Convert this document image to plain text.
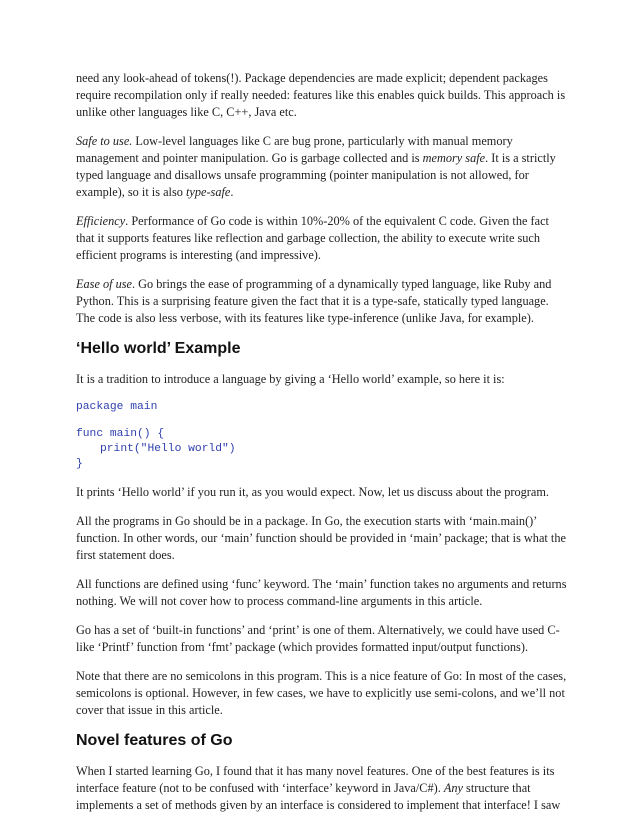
need any look-ahead of tokens(!). Package dependencies are made explicit; dependent packages require recompilation only if really needed: features like this enables quick builds. This approach is unlike other languages like C, C++, Java etc.

Safe to use. Low-level languages like C are bug prone, particularly with manual memory management and pointer manipulation. Go is garbage collected and is memory safe. It is a strictly typed language and disallows unsafe programming (pointer manipulation is not allowed, for example), so it is also type-safe.

Efficiency. Performance of Go code is within 10%-20% of the equivalent C code. Given the fact that it supports features like reflection and garbage collection, the ability to execute write such efficient programs is interesting (and impressive).

Ease of use. Go brings the ease of programming of a dynamically typed language, like Ruby and Python. This is a surprising feature given the fact that it is a type-safe, statically typed language. The code is also less verbose, with its features like type-inference (unlike Java, for example).

‘Hello world’ Example

It is a tradition to introduce a language by giving a ‘Hello world’ example, so here it is:

package main
func main() {
print("Hello world")
}

It prints ‘Hello world’ if you run it, as you would expect. Now, let us discuss about the program.

All the programs in Go should be in a package. In Go, the execution starts with ‘main.main()’ function. In other words, our ‘main’ function should be provided in ‘main’ package; that is what the first statement does.

All functions are defined using ‘func’ keyword. The ‘main’ function takes no arguments and returns nothing. We will not cover how to process command-line arguments in this article.

Go has a set of ‘built-in functions’ and ‘print’ is one of them. Alternatively, we could have used C-like ‘Printf’ function from ‘fmt’ package (which provides formatted input/output functions).

Note that there are no semicolons in this program. This is a nice feature of Go: In most of the cases, semicolons is optional. However, in few cases, we have to explicitly use semi-colons, and we’ll not cover that issue in this article.

Novel features of Go

When I started learning Go, I found that it has many novel features. One of the best features is its interface feature (not to be confused with ‘interface’ keyword in Java/C#). Any structure that implements a set of methods given by an interface is considered to implement that interface! I saw
